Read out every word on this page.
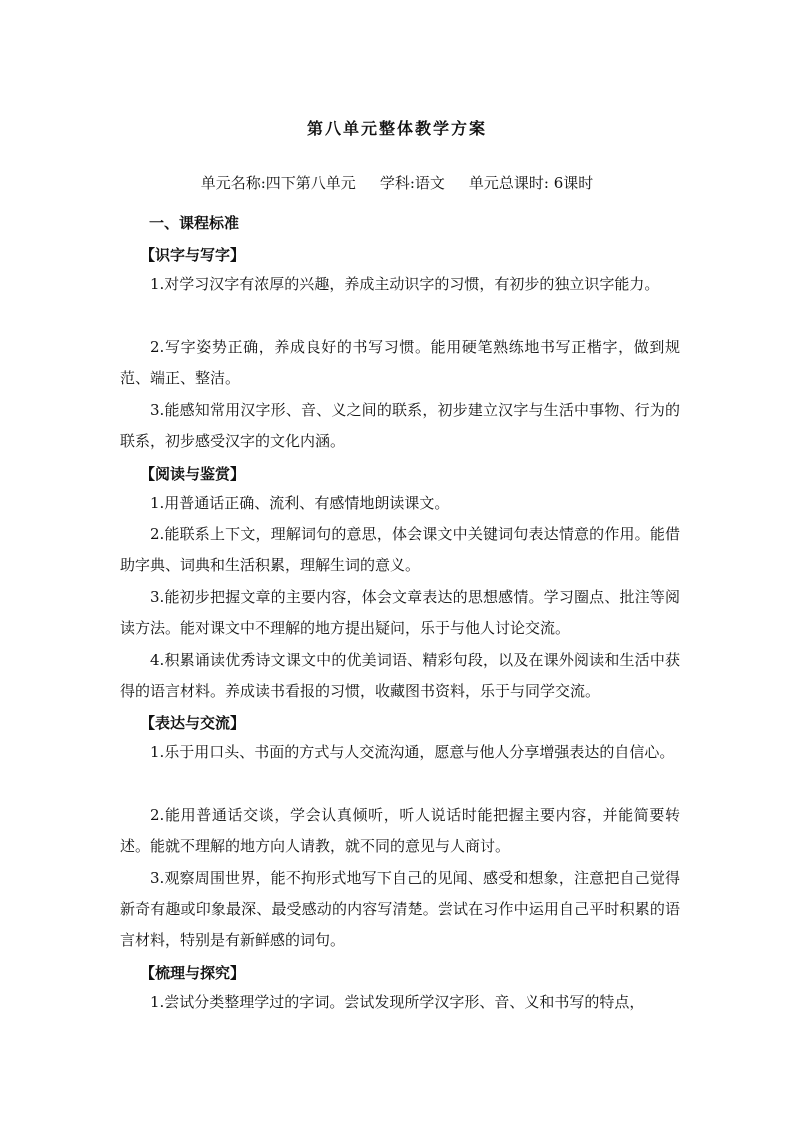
第八单元整体教学方案
单元名称:四下第八单元 学科:语文 单元总课时: 6课时
一、课程标准
【识字与写字】

1.对学习汉字有浓厚的兴趣，养成主动识字的习惯，有初步的独立识字能力。

2.写字姿势正确，养成良好的书写习惯。能用硬笔熟练地书写正楷字，做到规范、端正、整洁。

3.能感知常用汉字形、音、义之间的联系，初步建立汉字与生活中事物、行为的联系，初步感受汉字的文化内涵。

【阅读与鉴赏】

1.用普通话正确、流利、有感情地朗读课文。

2.能联系上下文，理解词句的意思，体会课文中关键词句表达情意的作用。能借助字典、词典和生活积累，理解生词的意义。

3.能初步把握文章的主要内容，体会文章表达的思想感情。学习圈点、批注等阅读方法。能对课文中不理解的地方提出疑问，乐于与他人讨论交流。

4.积累诵读优秀诗文课文中的优美词语、精彩句段，以及在课外阅读和生活中获得的语言材料。养成读书看报的习惯，收藏图书资料，乐于与同学交流。

【表达与交流】

1.乐于用口头、书面的方式与人交流沟通，愿意与他人分享增强表达的自信心。

2.能用普通话交谈，学会认真倾听，听人说话时能把握主要内容，并能简要转述。能就不理解的地方向人请教，就不同的意见与人商讨。

3.观察周围世界，能不拘形式地写下自己的见闻、感受和想象，注意把自己觉得新奇有趣或印象最深、最受感动的内容写清楚。尝试在习作中运用自己平时积累的语言材料，特别是有新鲜感的词句。

【梳理与探究】

1.尝试分类整理学过的字词。尝试发现所学汉字形、音、义和书写的特点，
